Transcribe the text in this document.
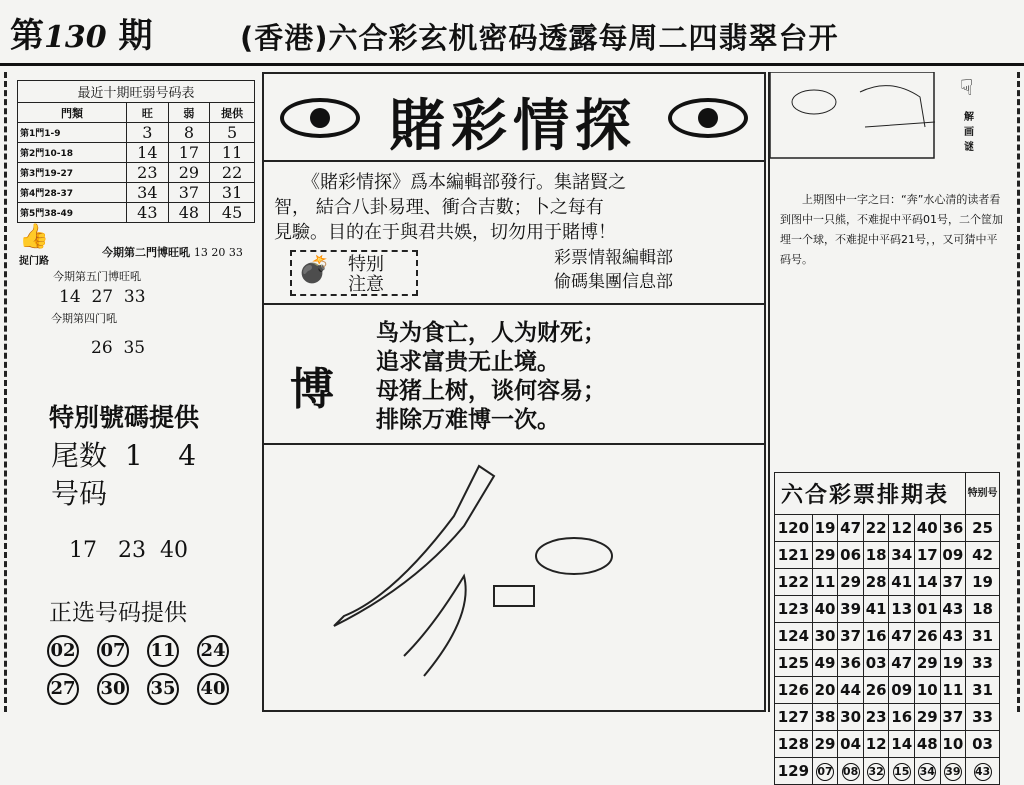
第130 期	(香港)六合彩玄机密码透露每周二四翡翠台开
最近十期旺弱号码表			
門類	旺	弱	提供
第1門1-9	3	8	5
第2門10-18	14	17	11
第3門19-27	23	29	22
第4門28-37	34	37	31
第5門38-49	43	48	45
👍
捉门路
今期第二門博旺吼 13 20 33
今期第五门博旺吼
14  27  33
今期第四门吼
26  35
特別號碼提供
尾数 1    4
号码
17   23  40
正选号码提供
02 07 11 24
27 30 35 40
賭彩情探
《賭彩情探》爲本編輯部發行。集諸賢之
智， 結合八卦易理、衝合吉數；卜之每有
見驗。目的在于與君共娛，切勿用于賭博！
💣 特别注意
彩票情報編輯部
偷碼集團信息部
博
鸟为食亡，人为财死；
追求富贵无止境。
母猪上树，谈何容易；
排除万难博一次。
☟
解画谜
上期图中一字之曰：“奔”水心清的读者看到图中一只熊，不难捉中平码01号，二个筐加埋一个球，不难捉中平码21号，，又可猜中平码号。
六合彩票排期表							特别号
120	19	47	22	12	40	36	25
121	29	06	18	34	17	09	42
122	11	29	28	41	14	37	19
123	40	39	41	13	01	43	18
124	30	37	16	47	26	43	31
125	49	36	03	47	29	19	33
126	20	44	26	09	10	11	31
127	38	30	23	16	29	37	33
128	29	04	12	14	48	10	03
129	07	08	32	15	34	39	43
